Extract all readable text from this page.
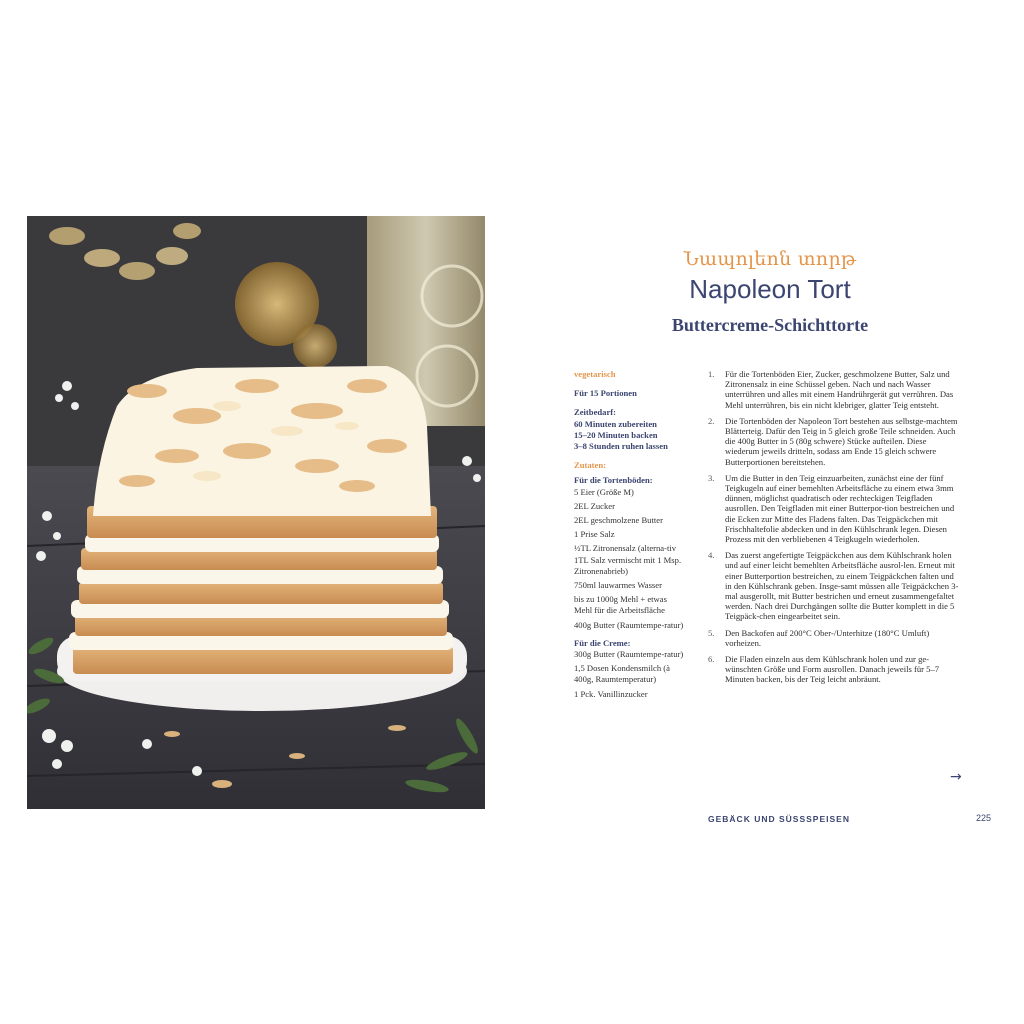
Նապոլեոն տորթ
Napoleon Tort
Buttercreme-Schichttorte

vegetarisch

Für 15 Portionen

Zeitbedarf:

60 Minuten zubereiten

15–20 Minuten backen

3–8 Stunden ruhen lassen

Zutaten:

Für die Tortenböden:

5 Eier (Größe M)

2EL Zucker

2EL geschmolzene Butter

1 Prise Salz

½TL Zitronensalz (alterna-tiv 1TL Salz vermischt mit 1 Msp. Zitronenabrieb)

750ml lauwarmes Wasser

bis zu 1000g Mehl + etwas Mehl für die Arbeitsfläche

400g Butter (Raumtempe-ratur)

Für die Creme:

300g Butter (Raumtempe-ratur)

1,5 Dosen Kondensmilch (à 400g, Raumtemperatur)

1 Pck. Vanillinzucker

1.	Für die Tortenböden Eier, Zucker, geschmolzene Butter, Salz und Zitronensalz in eine Schüssel geben. Nach und nach Wasser unterrühren und alles mit einem Handrührgerät gut verrühren. Das Mehl unterrühren, bis ein nicht klebriger, glatter Teig entsteht.
2.	Die Tortenböden der Napoleon Tort bestehen aus selbstge-machtem Blätterteig. Dafür den Teig in 5 gleich große Teile schneiden. Auch die 400g Butter in 5 (80g schwere) Stücke aufteilen. Diese wiederum jeweils dritteln, sodass am Ende 15 gleich schwere Butterportionen bereitstehen.
3.	Um die Butter in den Teig einzuarbeiten, zunächst eine der fünf Teigkugeln auf einer bemehlten Arbeitsfläche zu einem etwa 3mm dünnen, möglichst quadratisch oder rechteckigen Teigfladen ausrollen. Den Teigfladen mit einer Butterpor-tion bestreichen und die Ecken zur Mitte des Fladens falten. Das Teigpäckchen mit Frischhaltefolie abdecken und in den Kühlschrank legen. Diesen Prozess mit den verbliebenen 4 Teigkugeln wiederholen.
4.	Das zuerst angefertigte Teigpäckchen aus dem Kühlschrank holen und auf einer leicht bemehlten Arbeitsfläche ausrol-len. Erneut mit einer Butterportion bestreichen, zu einem Teigpäckchen falten und in den Kühlschrank geben. Insge-samt müssen alle Teigpäckchen 3-mal ausgerollt, mit Butter bestrichen und erneut zusammengefaltet werden. Nach drei Durchgängen sollte die Butter komplett in die 5 Teigpäck-chen eingearbeitet sein.
5.	Den Backofen auf 200°C Ober-/Unterhitze (180°C Umluft) vorheizen.
6.	Die Fladen einzeln aus dem Kühlschrank holen und zur ge-wünschten Größe und Form ausrollen. Danach jeweils für 5–7 Minuten backen, bis der Teig leicht anbräunt.
→
GEBÄCK UND SÜSSSPEISEN	225
